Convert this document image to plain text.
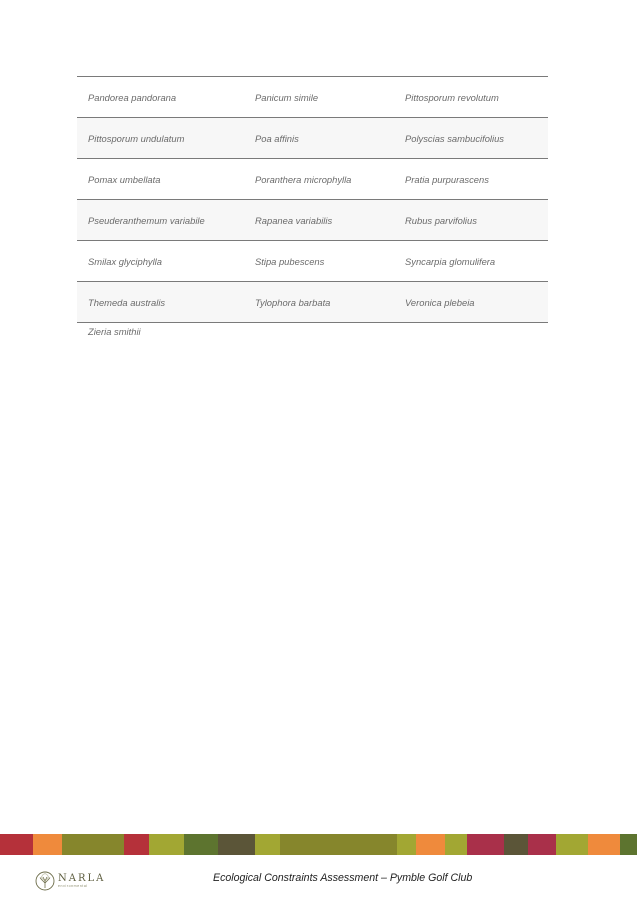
Pandorea pandorana	Panicum simile	Pittosporum revolutum
Pittosporum undulatum	Poa affinis	Polyscias sambucifolius
Pomax umbellata	Poranthera microphylla	Pratia purpurascens
Pseuderanthemum variabile	Rapanea variabilis	Rubus parvifolius
Smilax glyciphylla	Stipa pubescens	Syncarpia glomulifera
Themeda australis	Tylophora barbata	Veronica plebeia
Zieria smithii
NARLA
environmental
Ecological Constraints Assessment – Pymble Golf Club
